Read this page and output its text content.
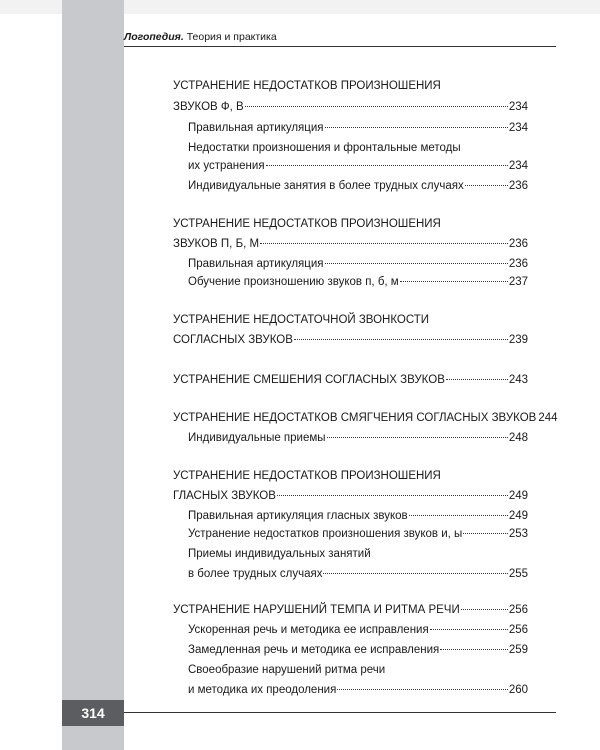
Логопедия. Теория и практика
УСТРАНЕНИЕ НЕДОСТАТКОВ ПРОИЗНОШЕНИЯ
ЗВУКОВ Ф, В	234
Правильная артикуляция	234
Недостатки произношения и фронтальные методы
их устранения	234
Индивидуальные занятия в более трудных случаях	236
УСТРАНЕНИЕ НЕДОСТАТКОВ ПРОИЗНОШЕНИЯ
ЗВУКОВ П, Б, М	236
Правильная артикуляция	236
Обучение произношению звуков п, б, м	237
УСТРАНЕНИЕ НЕДОСТАТОЧНОЙ ЗВОНКОСТИ
СОГЛАСНЫХ ЗВУКОВ	239
УСТРАНЕНИЕ СМЕШЕНИЯ СОГЛАСНЫХ ЗВУКОВ	243
УСТРАНЕНИЕ НЕДОСТАТКОВ СМЯГЧЕНИЯ СОГЛАСНЫХ ЗВУКОВ 244
Индивидуальные приемы	248
УСТРАНЕНИЕ НЕДОСТАТКОВ ПРОИЗНОШЕНИЯ
ГЛАСНЫХ ЗВУКОВ	249
Правильная артикуляция гласных звуков	249
Устранение недостатков произношения звуков и, ы	253
Приемы индивидуальных занятий
в более трудных случаях	255
УСТРАНЕНИЕ НАРУШЕНИЙ ТЕМПА И РИТМА РЕЧИ	256
Ускоренная речь и методика ее исправления	256
Замедленная речь и методика ее исправления	259
Своеобразие нарушений ритма речи
и методика их преодоления	260
314
